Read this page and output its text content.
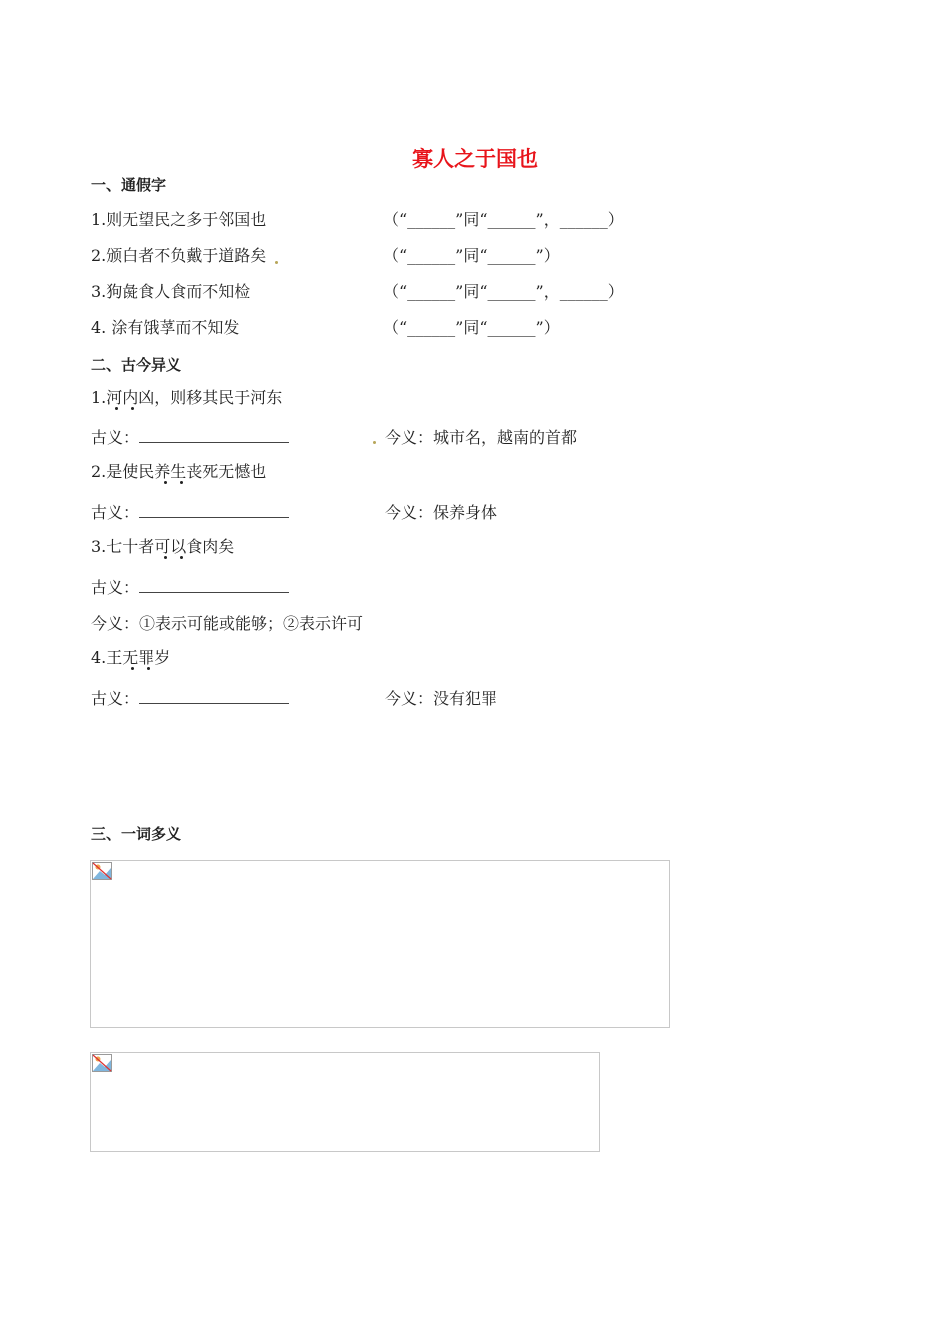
寡人之于国也
一、通假字
1.则无望民之多于邻国也	（“______”同“______”，______）
2.颁白者不负戴于道路矣	（“______”同“______”）
3.狗彘食人食而不知检	（“______”同“______”，______）
4. 涂有饿莩而不知发	（“______”同“______”）
二、古今异义
1.河内凶，则移其民于河东
古义：	今义：城市名，越南的首都
2.是使民养生丧死无憾也
古义：	今义：保养身体
3.七十者可以食肉矣
古义：
今义：①表示可能或能够；②表示许可
4.王无罪岁
古义：	今义：没有犯罪
三、一词多义
